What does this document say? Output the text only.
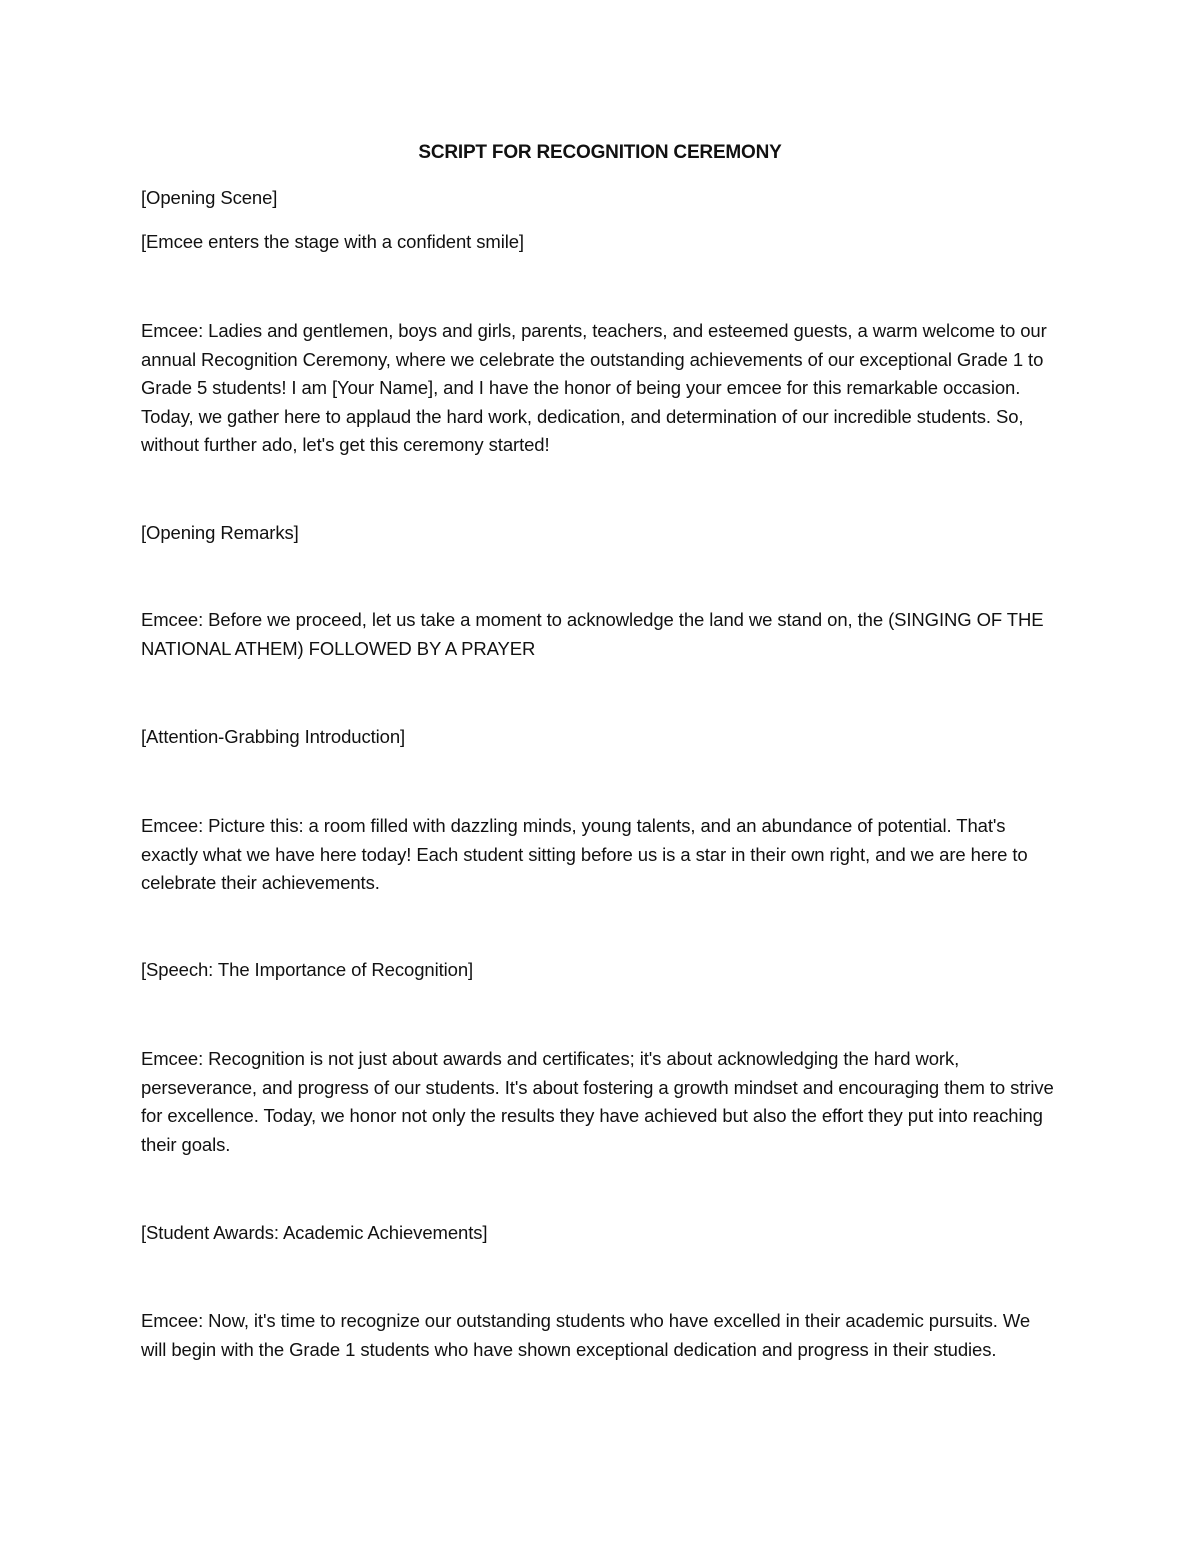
SCRIPT FOR RECOGNITION CEREMONY

[Opening Scene]

[Emcee enters the stage with a confident smile]

Emcee: Ladies and gentlemen, boys and girls, parents, teachers, and esteemed guests, a warm welcome to our annual Recognition Ceremony, where we celebrate the outstanding achievements of our exceptional Grade 1 to Grade 5 students! I am [Your Name], and I have the honor of being your emcee for this remarkable occasion. Today, we gather here to applaud the hard work, dedication, and determination of our incredible students. So, without further ado, let's get this ceremony started!

[Opening Remarks]

Emcee: Before we proceed, let us take a moment to acknowledge the land we stand on, the (SINGING OF THE NATIONAL ATHEM) FOLLOWED BY A PRAYER

[Attention-Grabbing Introduction]

Emcee: Picture this: a room filled with dazzling minds, young talents, and an abundance of potential. That's exactly what we have here today! Each student sitting before us is a star in their own right, and we are here to celebrate their achievements.

[Speech: The Importance of Recognition]

Emcee: Recognition is not just about awards and certificates; it's about acknowledging the hard work, perseverance, and progress of our students. It's about fostering a growth mindset and encouraging them to strive for excellence. Today, we honor not only the results they have achieved but also the effort they put into reaching their goals.

[Student Awards: Academic Achievements]

Emcee: Now, it's time to recognize our outstanding students who have excelled in their academic pursuits. We will begin with the Grade 1 students who have shown exceptional dedication and progress in their studies.
